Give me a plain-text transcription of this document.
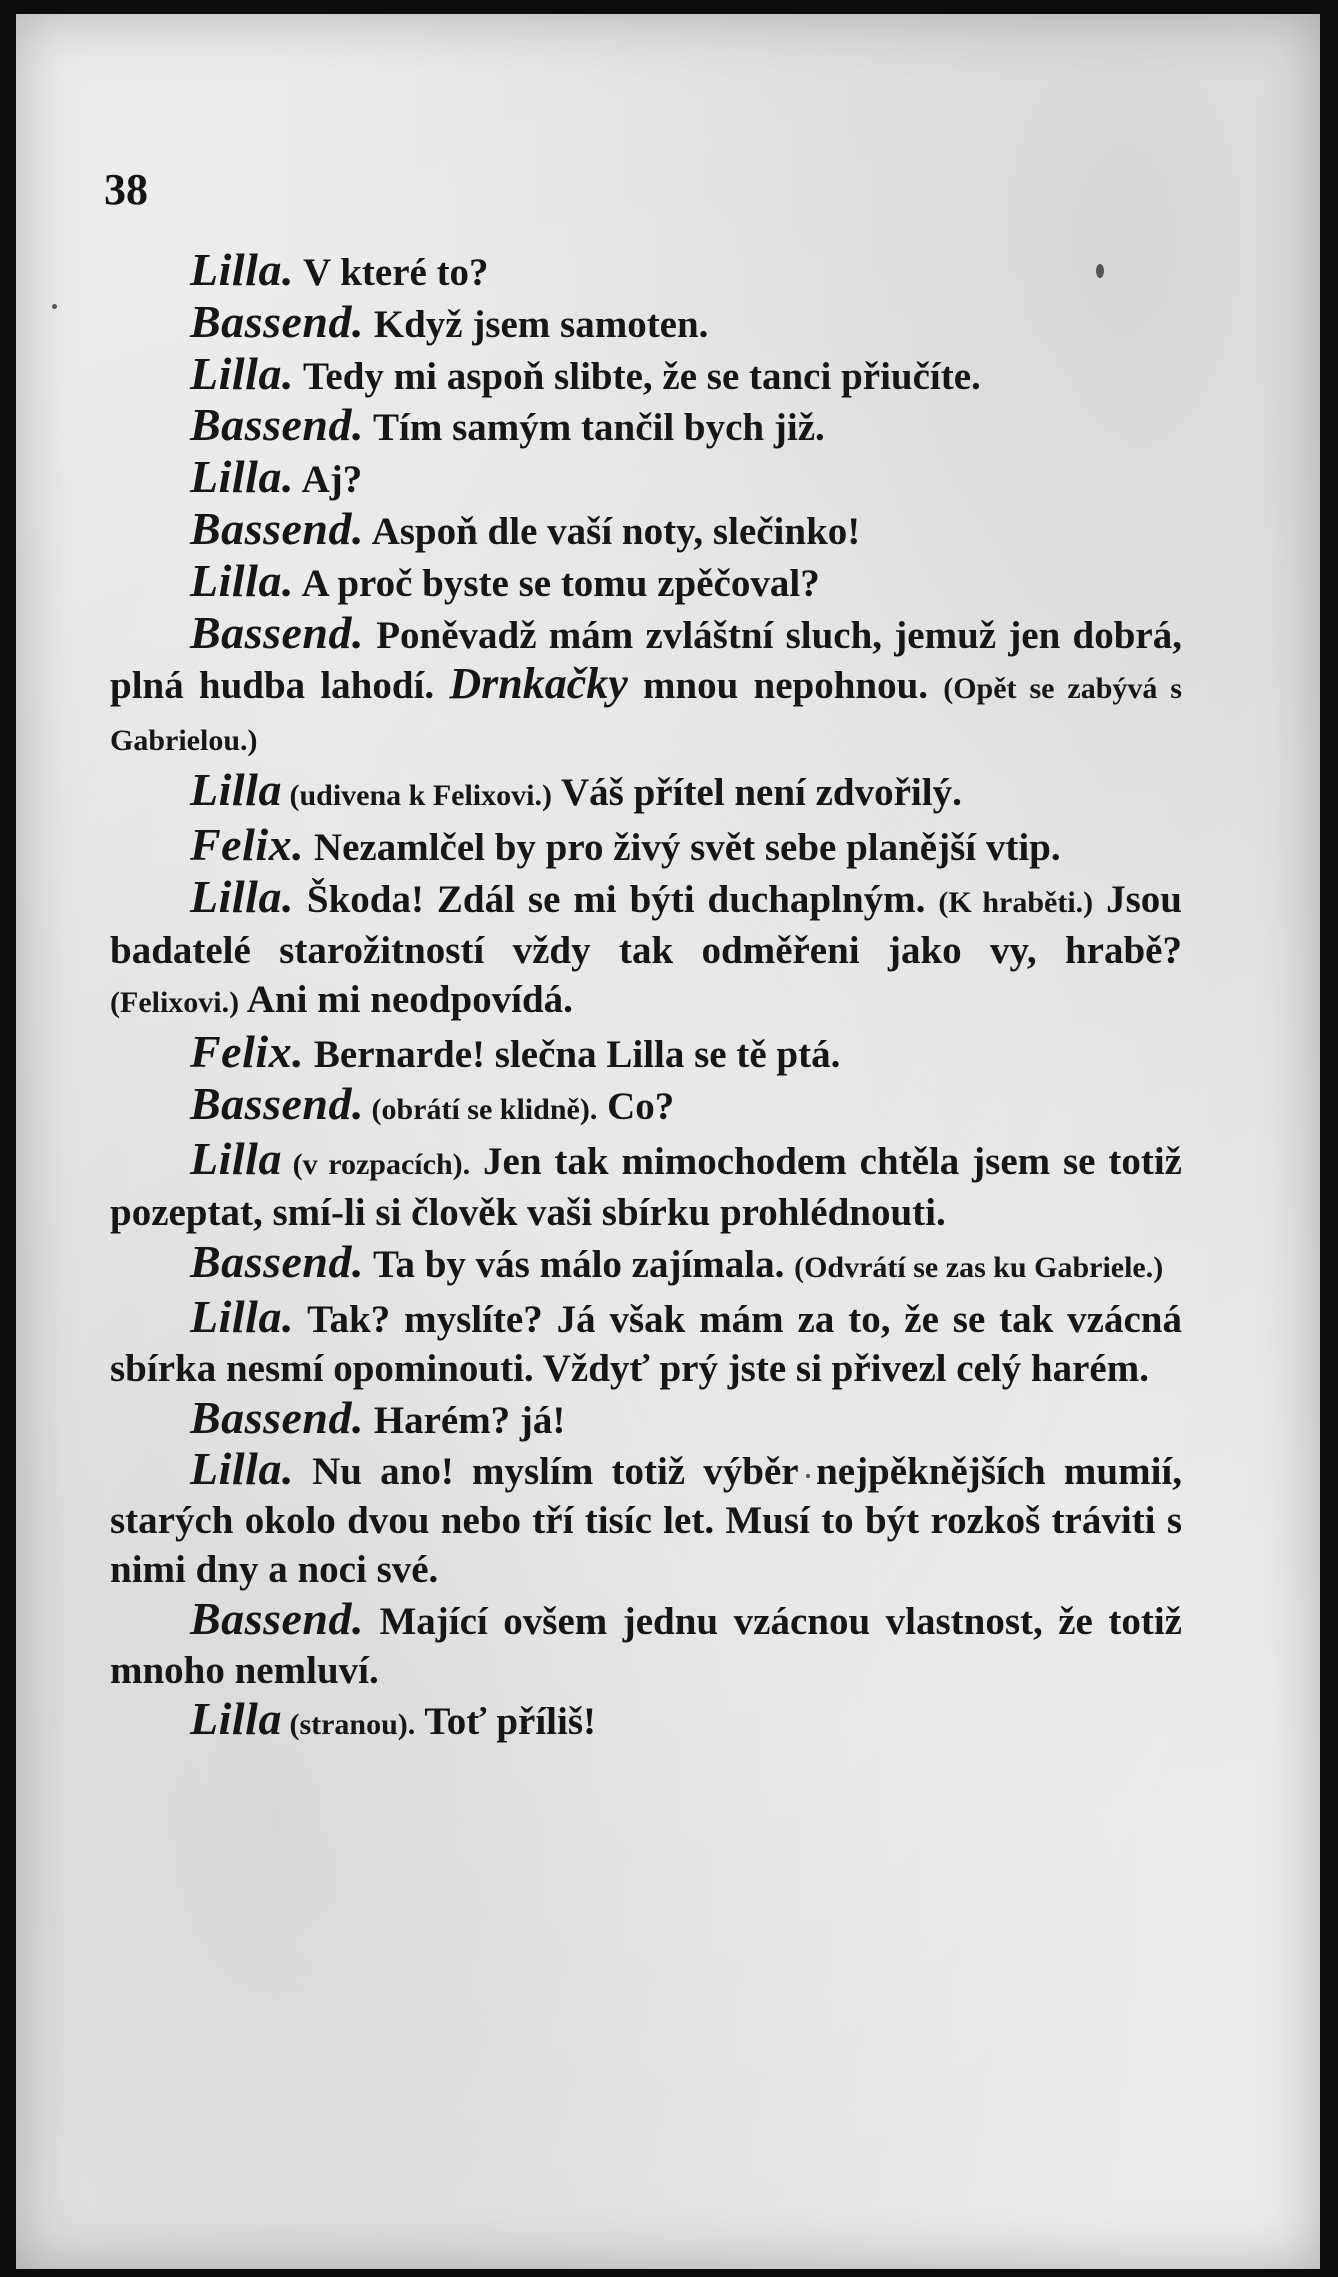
38

Lilla. V které to?

Bassend. Když jsem samoten.

Lilla. Tedy mi aspoň slibte, že se tanci přiučíte.

Bassend. Tím samým tančil bych již.

Lilla. Aj?

Bassend. Aspoň dle vaší noty, slečinko!

Lilla. A proč byste se tomu zpěčoval?

Bassend. Poněvadž mám zvláštní sluch, jemuž jen dobrá, plná hudba lahodí. Drnkačky mnou nepohnou. (Opět se zabývá s Gabrielou.)

Lilla (udivena k Felixovi.) Váš přítel není zdvořilý.

Felix. Nezamlčel by pro živý svět sebe planější vtip.

Lilla. Škoda! Zdál se mi býti duchaplným. (K hraběti.) Jsou badatelé starožitností vždy tak odměřeni jako vy, hrabě? (Felixovi.) Ani mi neodpovídá.

Felix. Bernarde! slečna Lilla se tě ptá.

Bassend. (obrátí se klidně). Co?

Lilla (v rozpacích). Jen tak mimochodem chtěla jsem se totiž pozeptat, smí-li si člověk vaši sbírku prohlédnouti.

Bassend. Ta by vás málo zajímala. (Odvrátí se zas ku Gabriele.)

Lilla. Tak? myslíte? Já však mám za to, že se tak vzácná sbírka nesmí opominouti. Vždyť prý jste si přivezl celý harém.

Bassend. Harém? já!

Lilla. Nu ano! myslím totiž výběr nejpěknějších mumií, starých okolo dvou nebo tří tisíc let. Musí to být rozkoš tráviti s nimi dny a noci své.

Bassend. Mající ovšem jednu vzácnou vlastnost, že totiž mnoho nemluví.

Lilla (stranou). Toť příliš!
